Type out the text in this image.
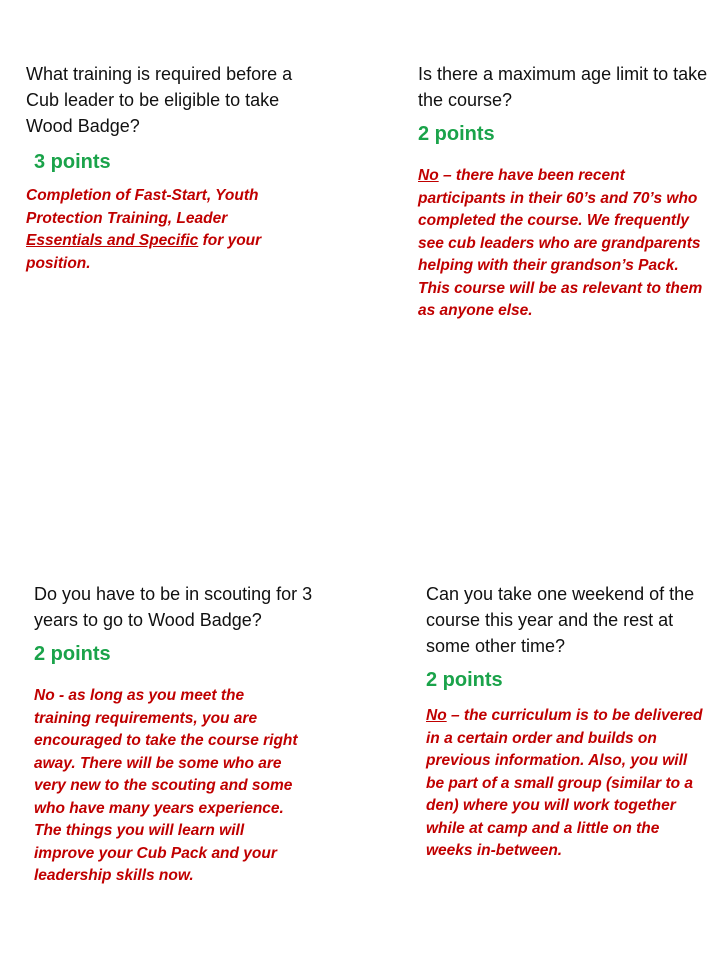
What training is required before a Cub leader to be eligible to take Wood Badge?

3 points

Completion of Fast-Start, Youth Protection Training, Leader Essentials and Specific for your position.

Is there a maximum age limit to take the course?

2 points

No – there have been recent participants in their 60’s and 70’s who completed the course. We frequently see cub leaders who are grandparents helping with their grandson’s Pack. This course will be as relevant to them as anyone else.

Do you have to be in scouting for 3 years to go to Wood Badge?

2 points

No - as long as you meet the training requirements, you are encouraged to take the course right away. There will be some who are very new to the scouting and some who have many years experience. The things you will learn will improve your Cub Pack and your leadership skills now.

Can you take one weekend of the course this year and the rest at some other time?

2 points

No – the curriculum is to be delivered in a certain order and builds on previous information. Also, you will be part of a small group (similar to a den) where you will work together while at camp and a little on the weeks in-between.
